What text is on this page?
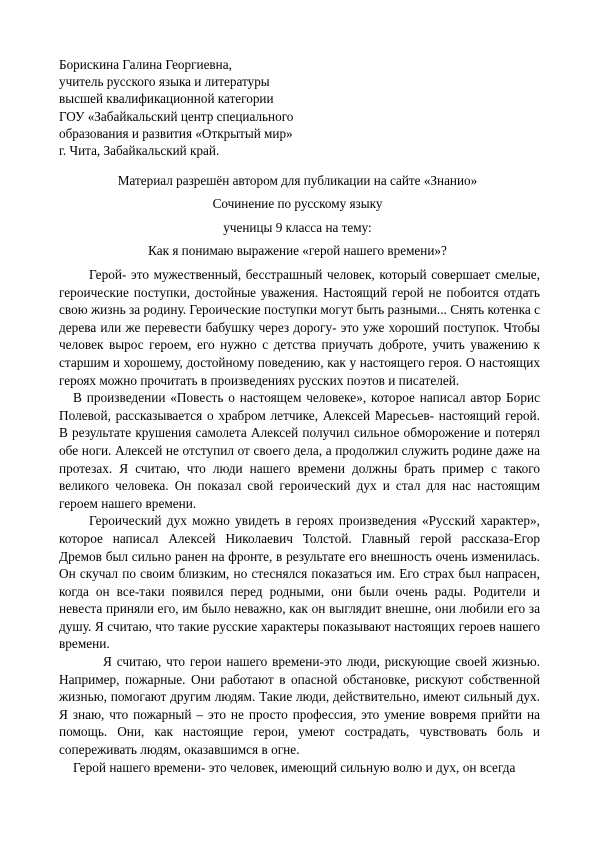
Борискина Галина Георгиевна,
учитель русского языка и литературы
высшей квалификационной категории
ГОУ «Забайкальский центр специального
образования и развития «Открытый мир»
г. Чита, Забайкальский край.
Материал разрешён автором для публикации на сайте «Знанио»
Сочинение по русскому языку
ученицы 9 класса на тему:
Как я понимаю выражение «герой нашего времени»?

Герой- это мужественный, бесстрашный человек, который совершает смелые, героические поступки, достойные уважения. Настоящий герой не побоится отдать свою жизнь за родину. Героические поступки могут быть разными... Снять котенка с дерева или же перевести бабушку через дорогу- это уже хороший поступок. Чтобы человек вырос героем, его нужно с детства приучать доброте, учить уважению к старшим и хорошему, достойному поведению, как у настоящего героя. О настоящих героях можно прочитать в произведениях русских поэтов и писателей.

В произведении «Повесть о настоящем человеке», которое написал автор Борис Полевой, рассказывается о храбром летчике, Алексей Маресьев- настоящий герой. В результате крушения самолета Алексей получил сильное обморожение и потерял обе ноги. Алексей не отступил от своего дела, а продолжил служить родине даже на протезах. Я считаю, что люди нашего времени должны брать пример с такого великого человека. Он показал свой героический дух и стал для нас настоящим героем нашего времени.

Героический дух можно увидеть в героях произведения «Русский характер», которое написал Алексей Николаевич Толстой. Главный герой рассказа-Егор Дремов был сильно ранен на фронте, в результате его внешность очень изменилась. Он скучал по своим близким, но стеснялся показаться им. Его страх был напрасен, когда он все-таки появился перед родными, они были очень рады. Родители и невеста приняли его, им было неважно, как он выглядит внешне, они любили его за душу. Я считаю, что такие русские характеры показывают настоящих героев нашего времени.

Я считаю, что герои нашего времени-это люди, рискующие своей жизнью. Например, пожарные. Они работают в опасной обстановке, рискуют собственной жизнью, помогают другим людям. Такие люди, действительно, имеют сильный дух. Я знаю, что пожарный – это не просто профессия, это умение вовремя прийти на помощь. Они, как настоящие герои, умеют сострадать, чувствовать боль и сопереживать людям, оказавшимся в огне.

Герой нашего времени- это человек, имеющий сильную волю и дух, он всегда
